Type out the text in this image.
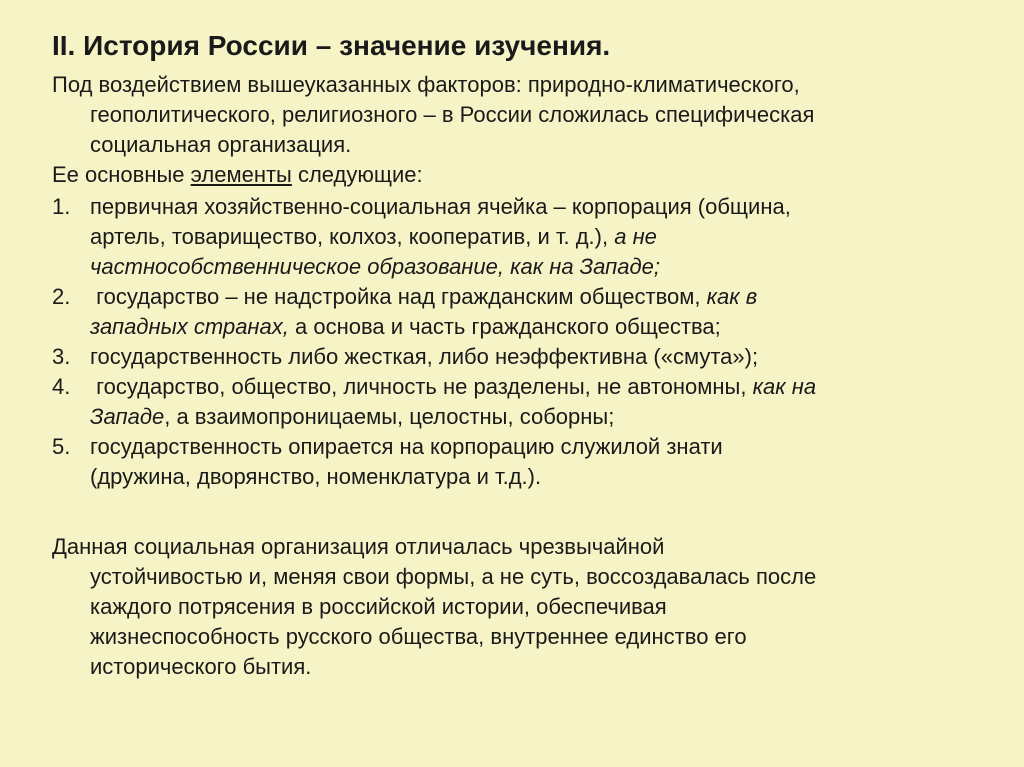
II. История России – значение изучения.
Под воздействием вышеуказанных факторов: природно-климатического,
геополитического, религиозного – в России сложилась специфическая
социальная организация.
Ее основные элементы следующие:
1. первичная хозяйственно-социальная ячейка – корпорация (община,
артель, товарищество, колхоз, кооператив, и т. д.), а не
частнособственническое образование, как на Западе;
2. государство – не надстройка над гражданским обществом, как в
западных странах, а основа и часть гражданского общества;
3. государственность либо жесткая, либо неэффективна («смута»);
4. государство, общество, личность не разделены, не автономны, как на
Западе, а взаимопроницаемы, целостны, соборны;
5. государственность опирается на корпорацию служилой знати
(дружина, дворянство, номенклатура и т.д.).
Данная социальная организация отличалась чрезвычайной
устойчивостью и, меняя свои формы, а не суть, воссоздавалась после
каждого потрясения в российской истории, обеспечивая
жизнеспособность русского общества, внутреннее единство его
исторического бытия.
